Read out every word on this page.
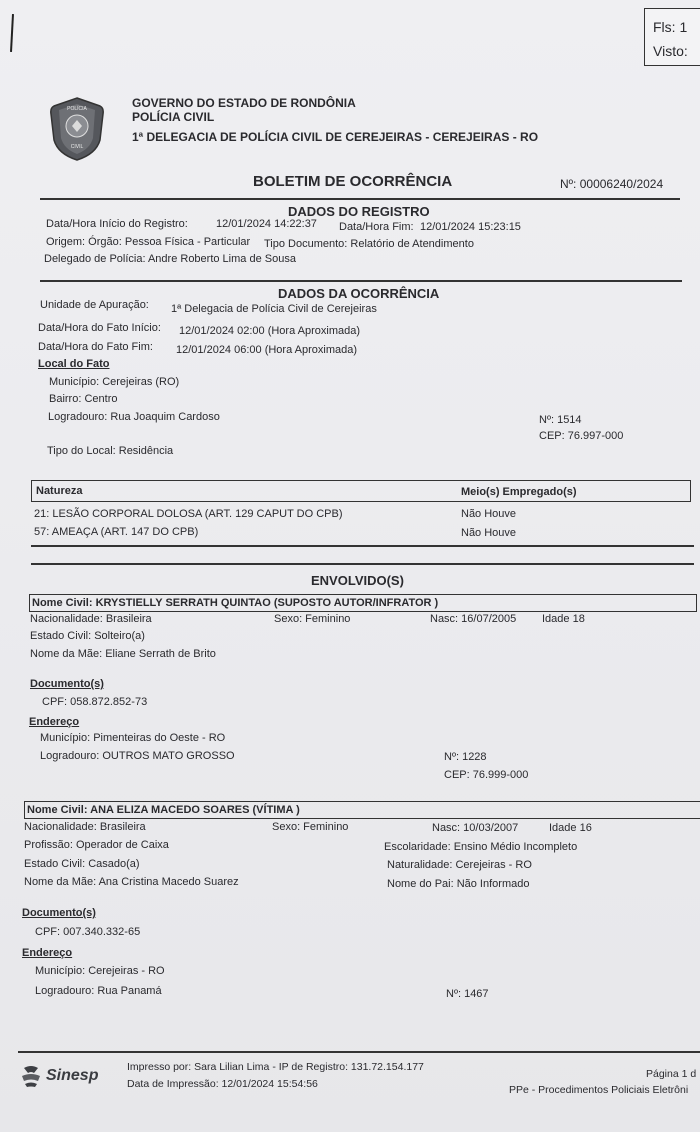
Fls: 1
Visto:
POLÍCIA
CIVIL
GOVERNO DO ESTADO DE RONDÔNIA
POLÍCIA CIVIL
1ª DELEGACIA DE POLÍCIA CIVIL DE CEREJEIRAS - CEREJEIRAS - RO
BOLETIM DE OCORRÊNCIA	Nº: 00006240/2024
DADOS DO REGISTRO
Data/Hora Início do Registro:	12/01/2024 14:22:37 Data/Hora Fim: 12/01/2024 15:23:15
Origem: Órgão: Pessoa Física - Particular Tipo Documento: Relatório de Atendimento
Delegado de Polícia: Andre Roberto Lima de Sousa
DADOS DA OCORRÊNCIA
Unidade de Apuração: 1ª Delegacia de Polícia Civil de Cerejeiras
Data/Hora do Fato Início: 12/01/2024 02:00 (Hora Aproximada)
Data/Hora do Fato Fim: 12/01/2024 06:00 (Hora Aproximada)
Local do Fato
Município: Cerejeiras (RO)
Bairro: Centro
Logradouro: Rua Joaquim Cardoso	Nº: 1514
CEP: 76.997-000
Tipo do Local: Residência
Natureza	Meio(s) Empregado(s)
21: LESÃO CORPORAL DOLOSA (ART. 129 CAPUT DO CPB)	Não Houve
57: AMEAÇA (ART. 147 DO CPB)	Não Houve
ENVOLVIDO(S)
Nome Civil: KRYSTIELLY SERRATH QUINTAO (SUPOSTO AUTOR/INFRATOR )
Nacionalidade: Brasileira	Sexo: Feminino	Nasc: 16/07/2005 Idade 18
Estado Civil: Solteiro(a)
Nome da Mãe: Eliane Serrath de Brito
Documento(s)
CPF: 058.872.852-73
Endereço
Município: Pimenteiras do Oeste - RO
Logradouro: OUTROS MATO GROSSO	Nº: 1228
CEP: 76.999-000
Nome Civil: ANA ELIZA MACEDO SOARES (VÍTIMA )
Nacionalidade: Brasileira	Sexo: Feminino	Nasc: 10/03/2007	Idade 16
Profissão: Operador de Caixa	Escolaridade: Ensino Médio Incompleto
Estado Civil: Casado(a)	Naturalidade: Cerejeiras - RO
Nome da Mãe: Ana Cristina Macedo Suarez	Nome do Pai: Não Informado
Documento(s)
CPF: 007.340.332-65
Endereço
Município: Cerejeiras - RO
Logradouro: Rua Panamá	Nº: 1467
Sinesp	Impresso por: Sara Lilian Lima - IP de Registro: 131.72.154.177
Data de Impressão: 12/01/2024 15:54:56
Página 1 d
PPe - Procedimentos Policiais Eletrôni
